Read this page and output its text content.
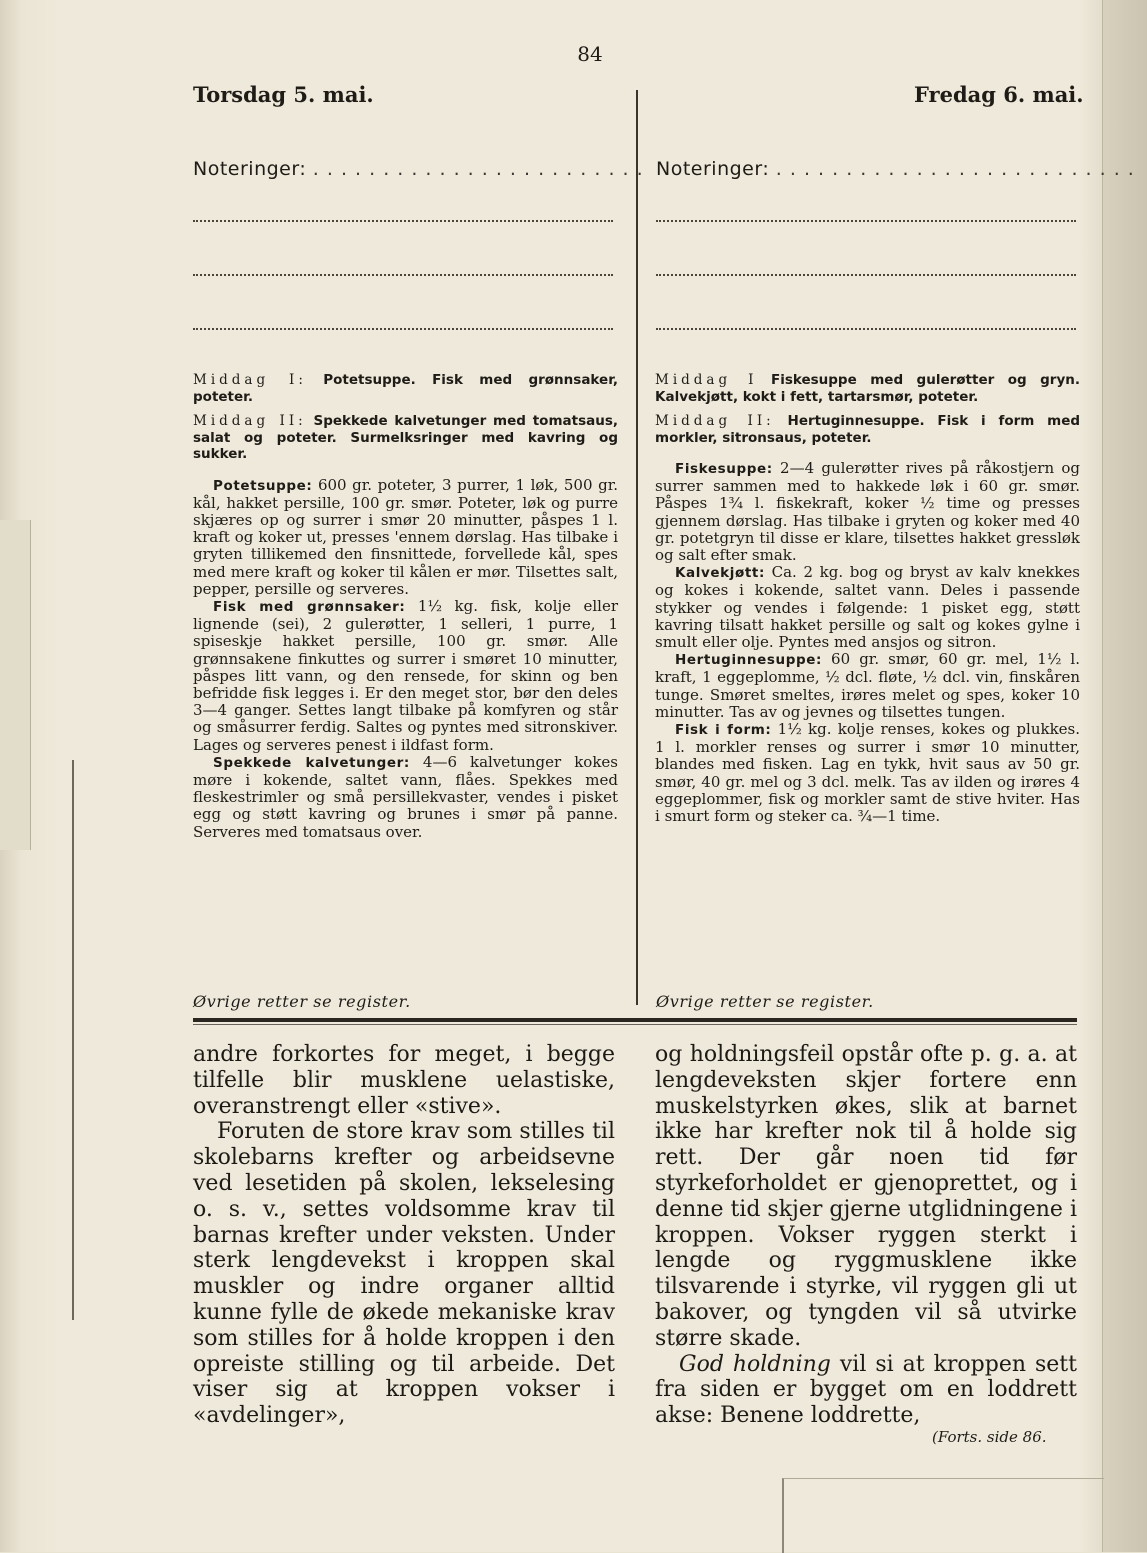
84
Torsdag 5. mai.	Fredag 6. mai.
Noteringer: . . . . . . . . . . . . . . . . . . . . . . . . Noteringer: . . . . . . . . . . . . . . . . . . . . . . . . . .

Middag I: Potetsuppe. Fisk med grønnsaker, poteter.

Middag II: Spekkede kalvetunger med tomatsaus, salat og poteter. Surmelksringer med kavring og sukker.

Potetsuppe: 600 gr. poteter, 3 purrer, 1 løk, 500 gr. kål, hakket persille, 100 gr. smør. Poteter, løk og purre skjæres op og surrer i smør 20 minutter, påspes 1 l. kraft og koker ut, presses 'ennem dørslag. Has tilbake i gryten tillikemed den finsnittede, forvellede kål, spes med mere kraft og koker til kålen er mør. Tilsettes salt, pepper, persille og serveres.

Fisk med grønnsaker: 1½ kg. fisk, kolje eller lignende (sei), 2 gulerøtter, 1 selleri, 1 purre, 1 spiseskje hakket persille, 100 gr. smør. Alle grønnsakene finkuttes og surrer i smøret 10 minutter, påspes litt vann, og den rensede, for skinn og ben befridde fisk legges i. Er den meget stor, bør den deles 3—4 ganger. Settes langt tilbake på komfyren og står og småsurrer ferdig. Saltes og pyntes med sitronskiver. Lages og serveres penest i ildfast form.

Spekkede kalvetunger: 4—6 kalvetunger kokes møre i kokende, saltet vann, flåes. Spekkes med fleskestrimler og små persillekvaster, vendes i pisket egg og støtt kavring og brunes i smør på panne. Serveres med tomatsaus over.

Middag I Fiskesuppe med gulerøtter og gryn. Kalvekjøtt, kokt i fett, tartarsmør, poteter.

Middag II: Hertuginnesuppe. Fisk i form med morkler, sitronsaus, poteter.

Fiskesuppe: 2—4 gulerøtter rives på råkostjern og surrer sammen med to hakkede løk i 60 gr. smør. Påspes 1¾ l. fiskekraft, koker ½ time og presses gjennem dørslag. Has tilbake i gryten og koker med 40 gr. potetgryn til disse er klare, tilsettes hakket gressløk og salt efter smak.

Kalvekjøtt: Ca. 2 kg. bog og bryst av kalv knekkes og kokes i kokende, saltet vann. Deles i passende stykker og vendes i følgende: 1 pisket egg, støtt kavring tilsatt hakket persille og salt og kokes gylne i smult eller olje. Pyntes med ansjos og sitron.

Hertuginnesuppe: 60 gr. smør, 60 gr. mel, 1½ l. kraft, 1 eggeplomme, ½ dcl. fløte, ½ dcl. vin, finskåren tunge. Smøret smeltes, irøres melet og spes, koker 10 minutter. Tas av og jevnes og tilsettes tungen.

Fisk i form: 1½ kg. kolje renses, kokes og plukkes. 1 l. morkler renses og surrer i smør 10 minutter, blandes med fisken. Lag en tykk, hvit saus av 50 gr. smør, 40 gr. mel og 3 dcl. melk. Tas av ilden og irøres 4 eggeplommer, fisk og morkler samt de stive hviter. Has i smurt form og steker ca. ¾—1 time.

Øvrige retter se register.	Øvrige retter se register.

andre forkortes for meget, i begge tilfelle blir musklene uelastiske, overanstrengt eller «stive».

Foruten de store krav som stilles til skolebarns krefter og arbeidsevne ved lesetiden på skolen, lekselesing o. s. v., settes voldsomme krav til barnas krefter under veksten. Under sterk lengdevekst i kroppen skal muskler og indre organer alltid kunne fylle de økede mekaniske krav som stilles for å holde kroppen i den opreiste stilling og til arbeide. Det viser sig at kroppen vokser i «avdelinger»,

og holdningsfeil opstår ofte p. g. a. at lengdeveksten skjer fortere enn muskelstyrken økes, slik at barnet ikke har krefter nok til å holde sig rett. Der går noen tid før styrkeforholdet er gjenoprettet, og i denne tid skjer gjerne utglidningene i kroppen. Vokser ryggen sterkt i lengde og ryggmusklene ikke tilsvarende i styrke, vil ryggen gli ut bakover, og tyngden vil så utvirke større skade.

God holdning vil si at kroppen sett fra siden er bygget om en loddrett akse: Benene loddrette,

(Forts. side 86.
